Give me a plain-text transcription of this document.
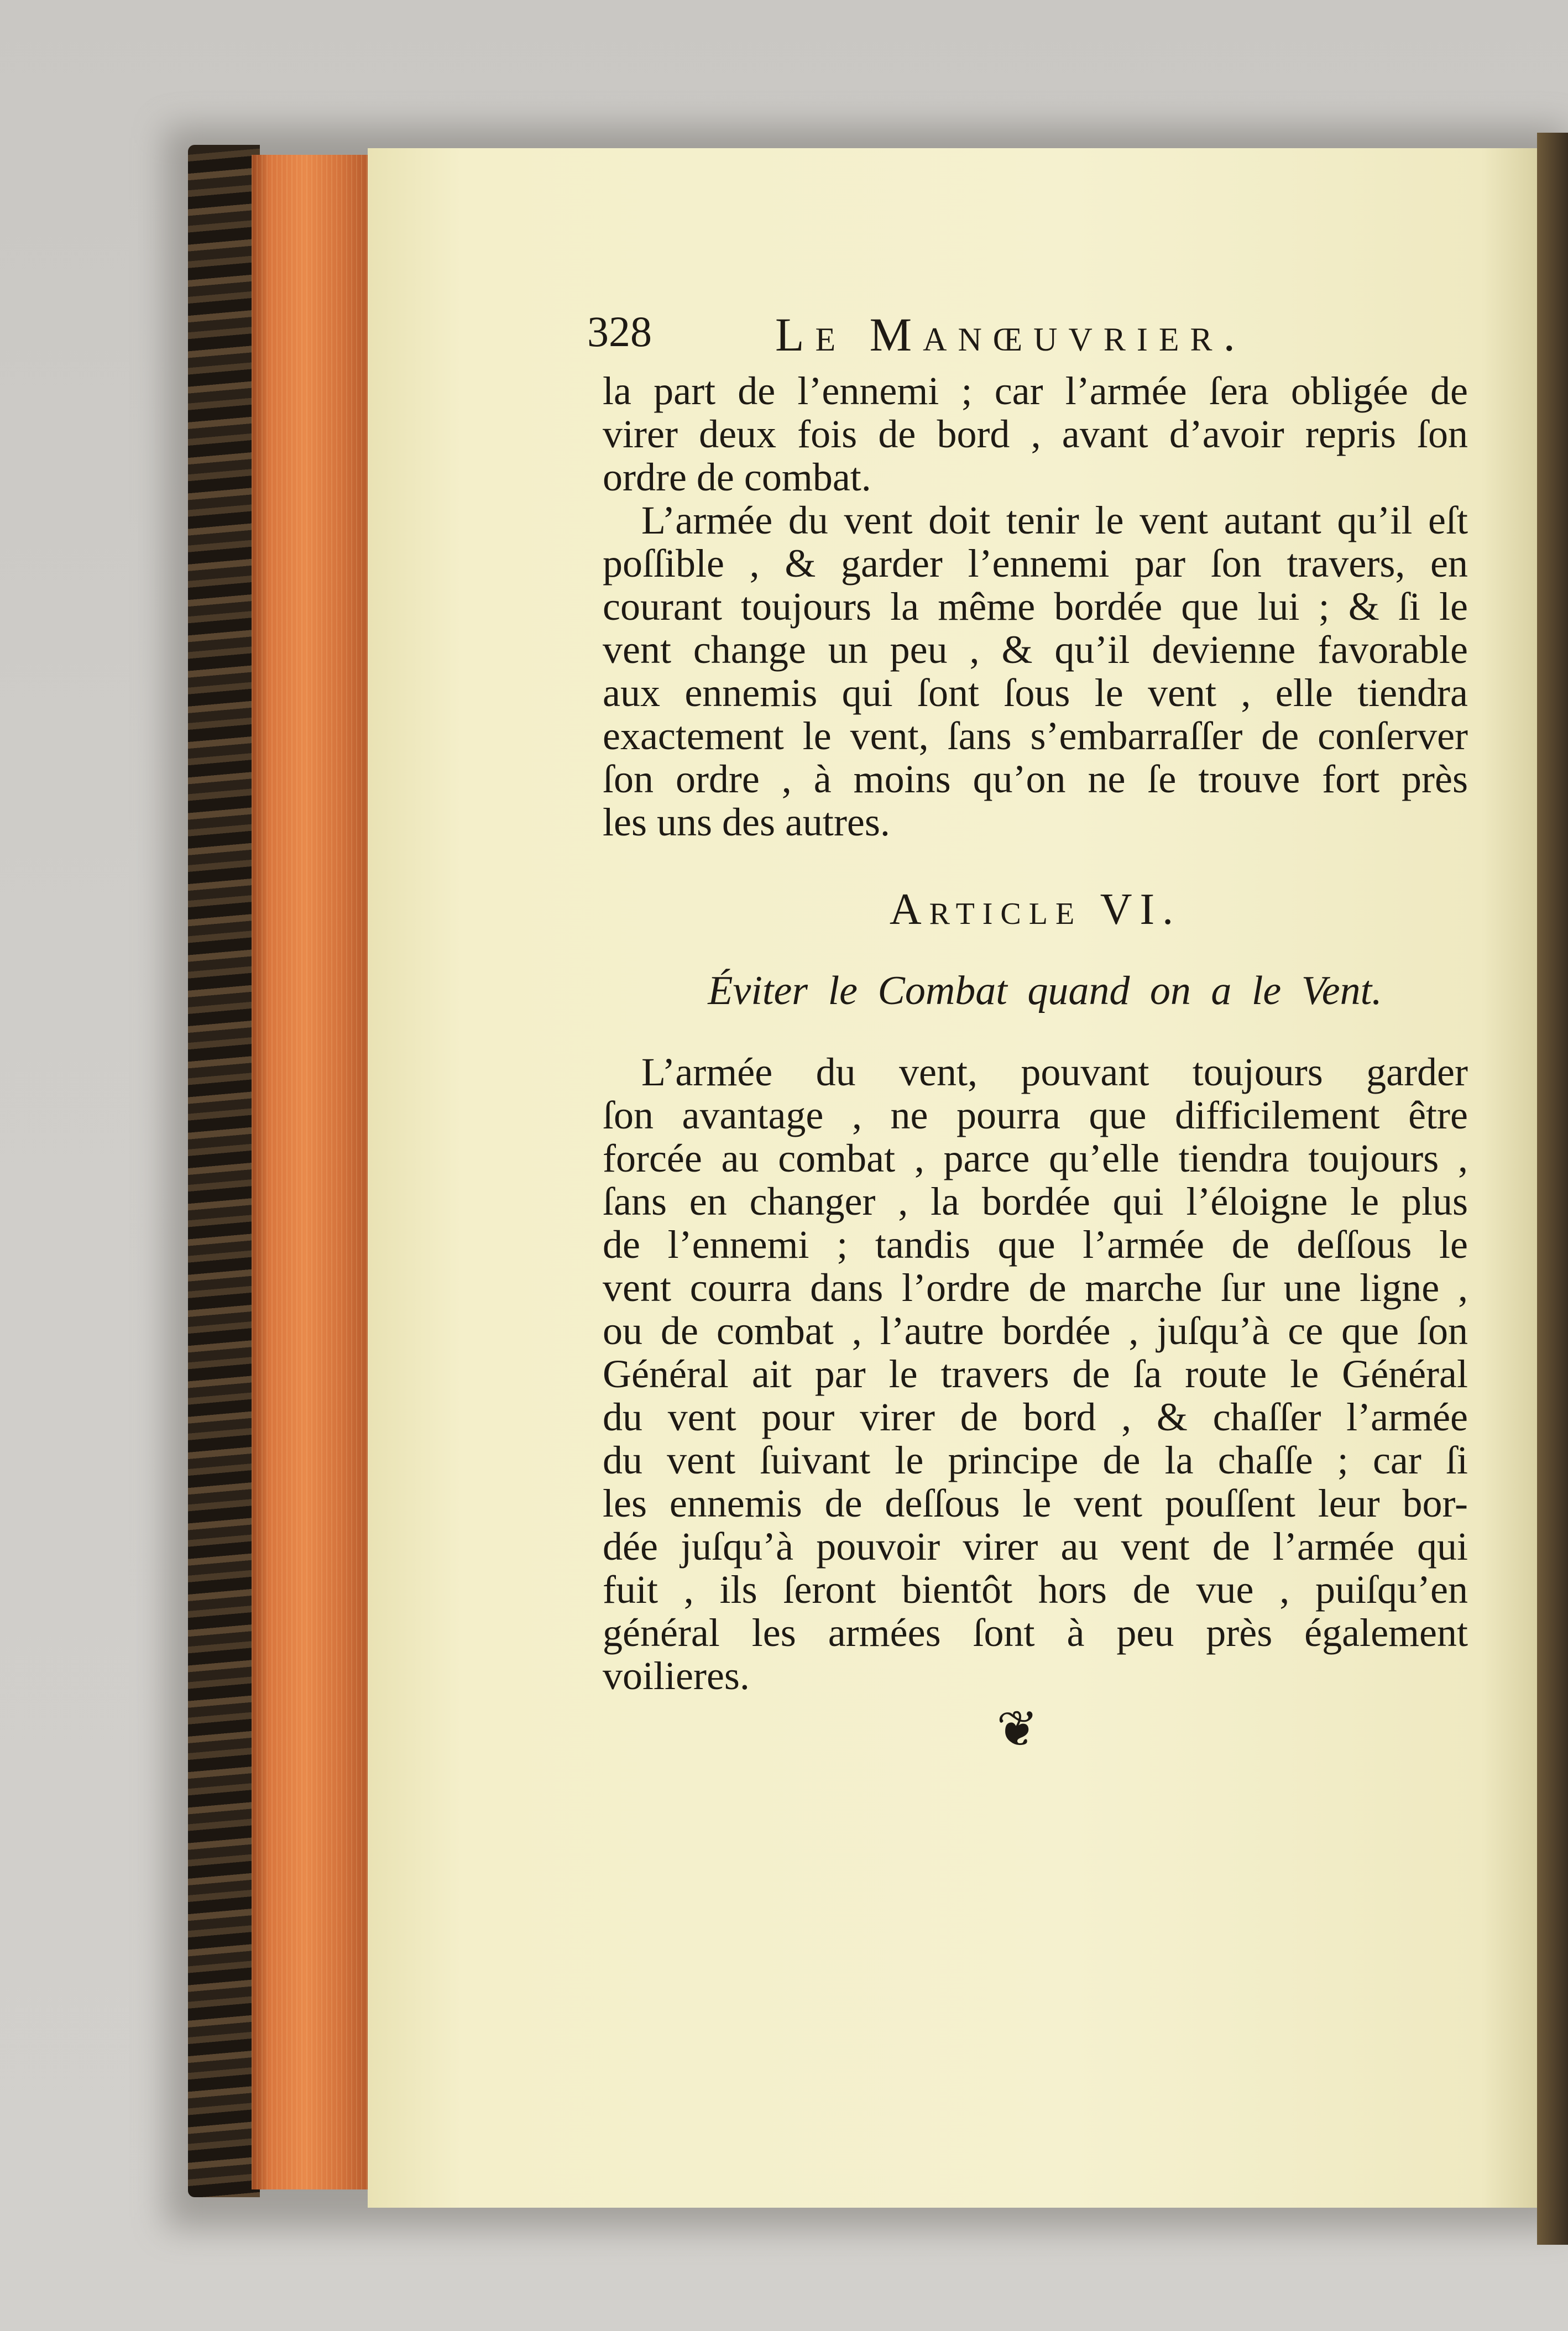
328	Le Manœuvrier.
la part de l’ennemi ; car l’armée ſera obligée de
virer deux fois de bord , avant d’avoir repris ſon
ordre de combat.
L’armée du vent doit tenir le vent autant qu’il eſt
poſſible , & garder l’ennemi par ſon travers, en
courant toujours la même bordée que lui ; & ſi le
vent change un peu , & qu’il devienne favorable
aux ennemis qui ſont ſous le vent , elle tiendra
exactement le vent, ſans s’embarraſſer de conſerver
ſon ordre , à moins qu’on ne ſe trouve fort près
les uns des autres.
Article VI.
Éviter le Combat quand on a le Vent.
L’armée du vent, pouvant toujours garder
ſon avantage , ne pourra que difficilement être
forcée au combat , parce qu’elle tiendra toujours ,
ſans en changer , la bordée qui l’éloigne le plus
de l’ennemi ; tandis que l’armée de deſſous le
vent courra dans l’ordre de marche ſur une ligne ,
ou de combat , l’autre bordée , juſqu’à ce que ſon
Général ait par le travers de ſa route le Général
du vent pour virer de bord , & chaſſer l’armée
du vent ſuivant le principe de la chaſſe ; car ſi
les ennemis de deſſous le vent pouſſent leur bor-
dée juſqu’à pouvoir virer au vent de l’armée qui
fuit , ils ſeront bientôt hors de vue , puiſqu’en
général les armées ſont à peu près également
voilieres.
❦
